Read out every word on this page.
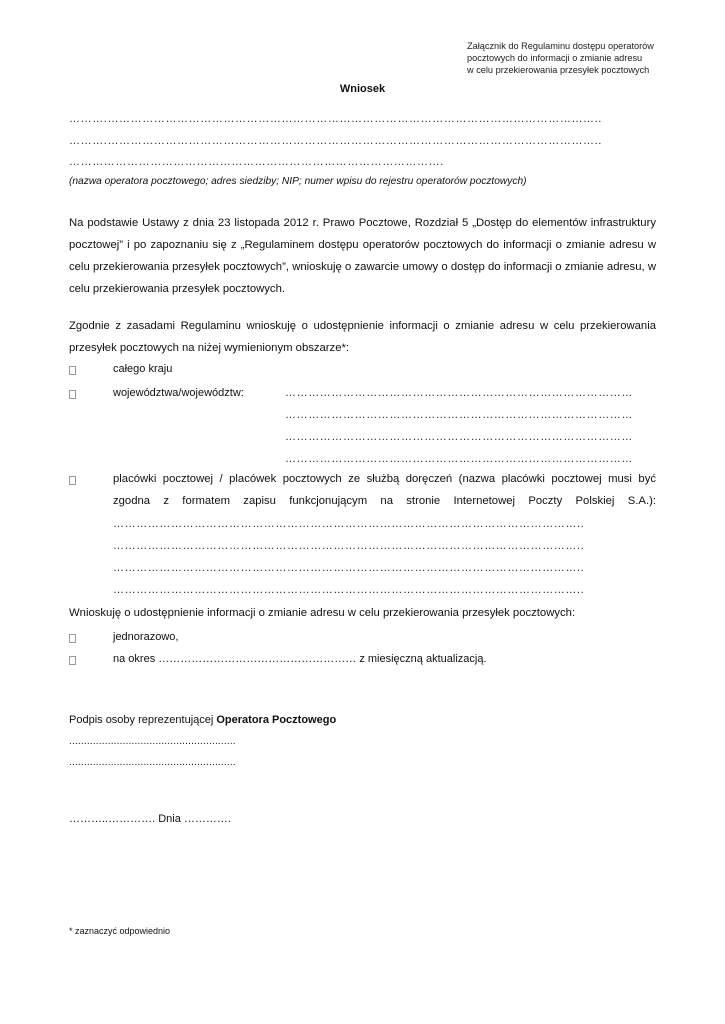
Załącznik do Regulaminu dostępu operatorów
pocztowych do informacji o zmianie adresu
w celu przekierowania przesyłek pocztowych
Wniosek
……….………………………………………………………………………………………………………………..
……….………………………………………………………………………………………………………………..
…………………………………………………………………………………….
(nazwa operatora pocztowego; adres siedziby; NIP; numer wpisu do rejestru operatorów pocztowych)
Na podstawie Ustawy z dnia 23 listopada 2012 r. Prawo Pocztowe, Rozdział 5 „Dostęp do elementów infrastruktury pocztowej” i po zapoznaniu się z „Regulaminem dostępu operatorów pocztowych do informacji o zmianie adresu w celu przekierowania przesyłek pocztowych”, wnioskuję o zawarcie umowy o dostęp do informacji o zmianie adresu, w celu przekierowania przesyłek pocztowych.
Zgodnie z zasadami Regulaminu wnioskuję o udostępnienie informacji o zmianie adresu w celu przekierowania przesyłek pocztowych na niżej wymienionym obszarze*:
całego kraju
województwa/województw:	………………………………………………………………………………
………………………………………………………………………………
………………………………………………………………………………
………………………………………………………………………………
placówki pocztowej / placówek pocztowych ze służbą doręczeń (nazwa placówki pocztowej musi być
zgodna z formatem zapisu funkcjonującym na stronie Internetowej Poczty Polskiej S.A.):
…………………………………………………………………………………………………………..
…………………………………………………………………………………………………………..
…………………………………………………………………………………………………………..
…………………………………………………………………………………………………………..
Wnioskuję o udostępnienie informacji o zmianie adresu w celu przekierowania przesyłek pocztowych:
jednorazowo,
na okres ……………………………………………… z miesięczną aktualizacją.
Podpis osoby reprezentującej Operatora Pocztowego
........................................................
........................................................
………..…………. Dnia ………….
* zaznaczyć odpowiednio
